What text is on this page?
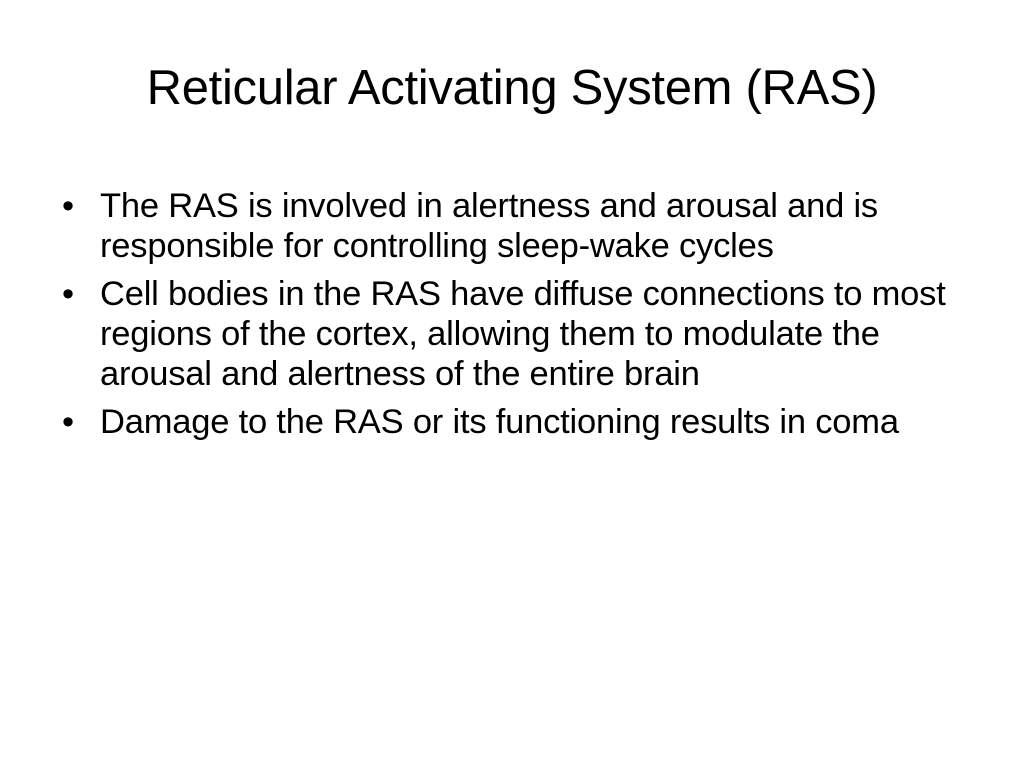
Reticular Activating System (RAS)
• The RAS is involved in alertness and arousal and is responsible for controlling sleep-wake cycles
• Cell bodies in the RAS have diffuse connections to most regions of the cortex, allowing them to modulate the arousal and alertness of the entire brain
• Damage to the RAS or its functioning results in coma
